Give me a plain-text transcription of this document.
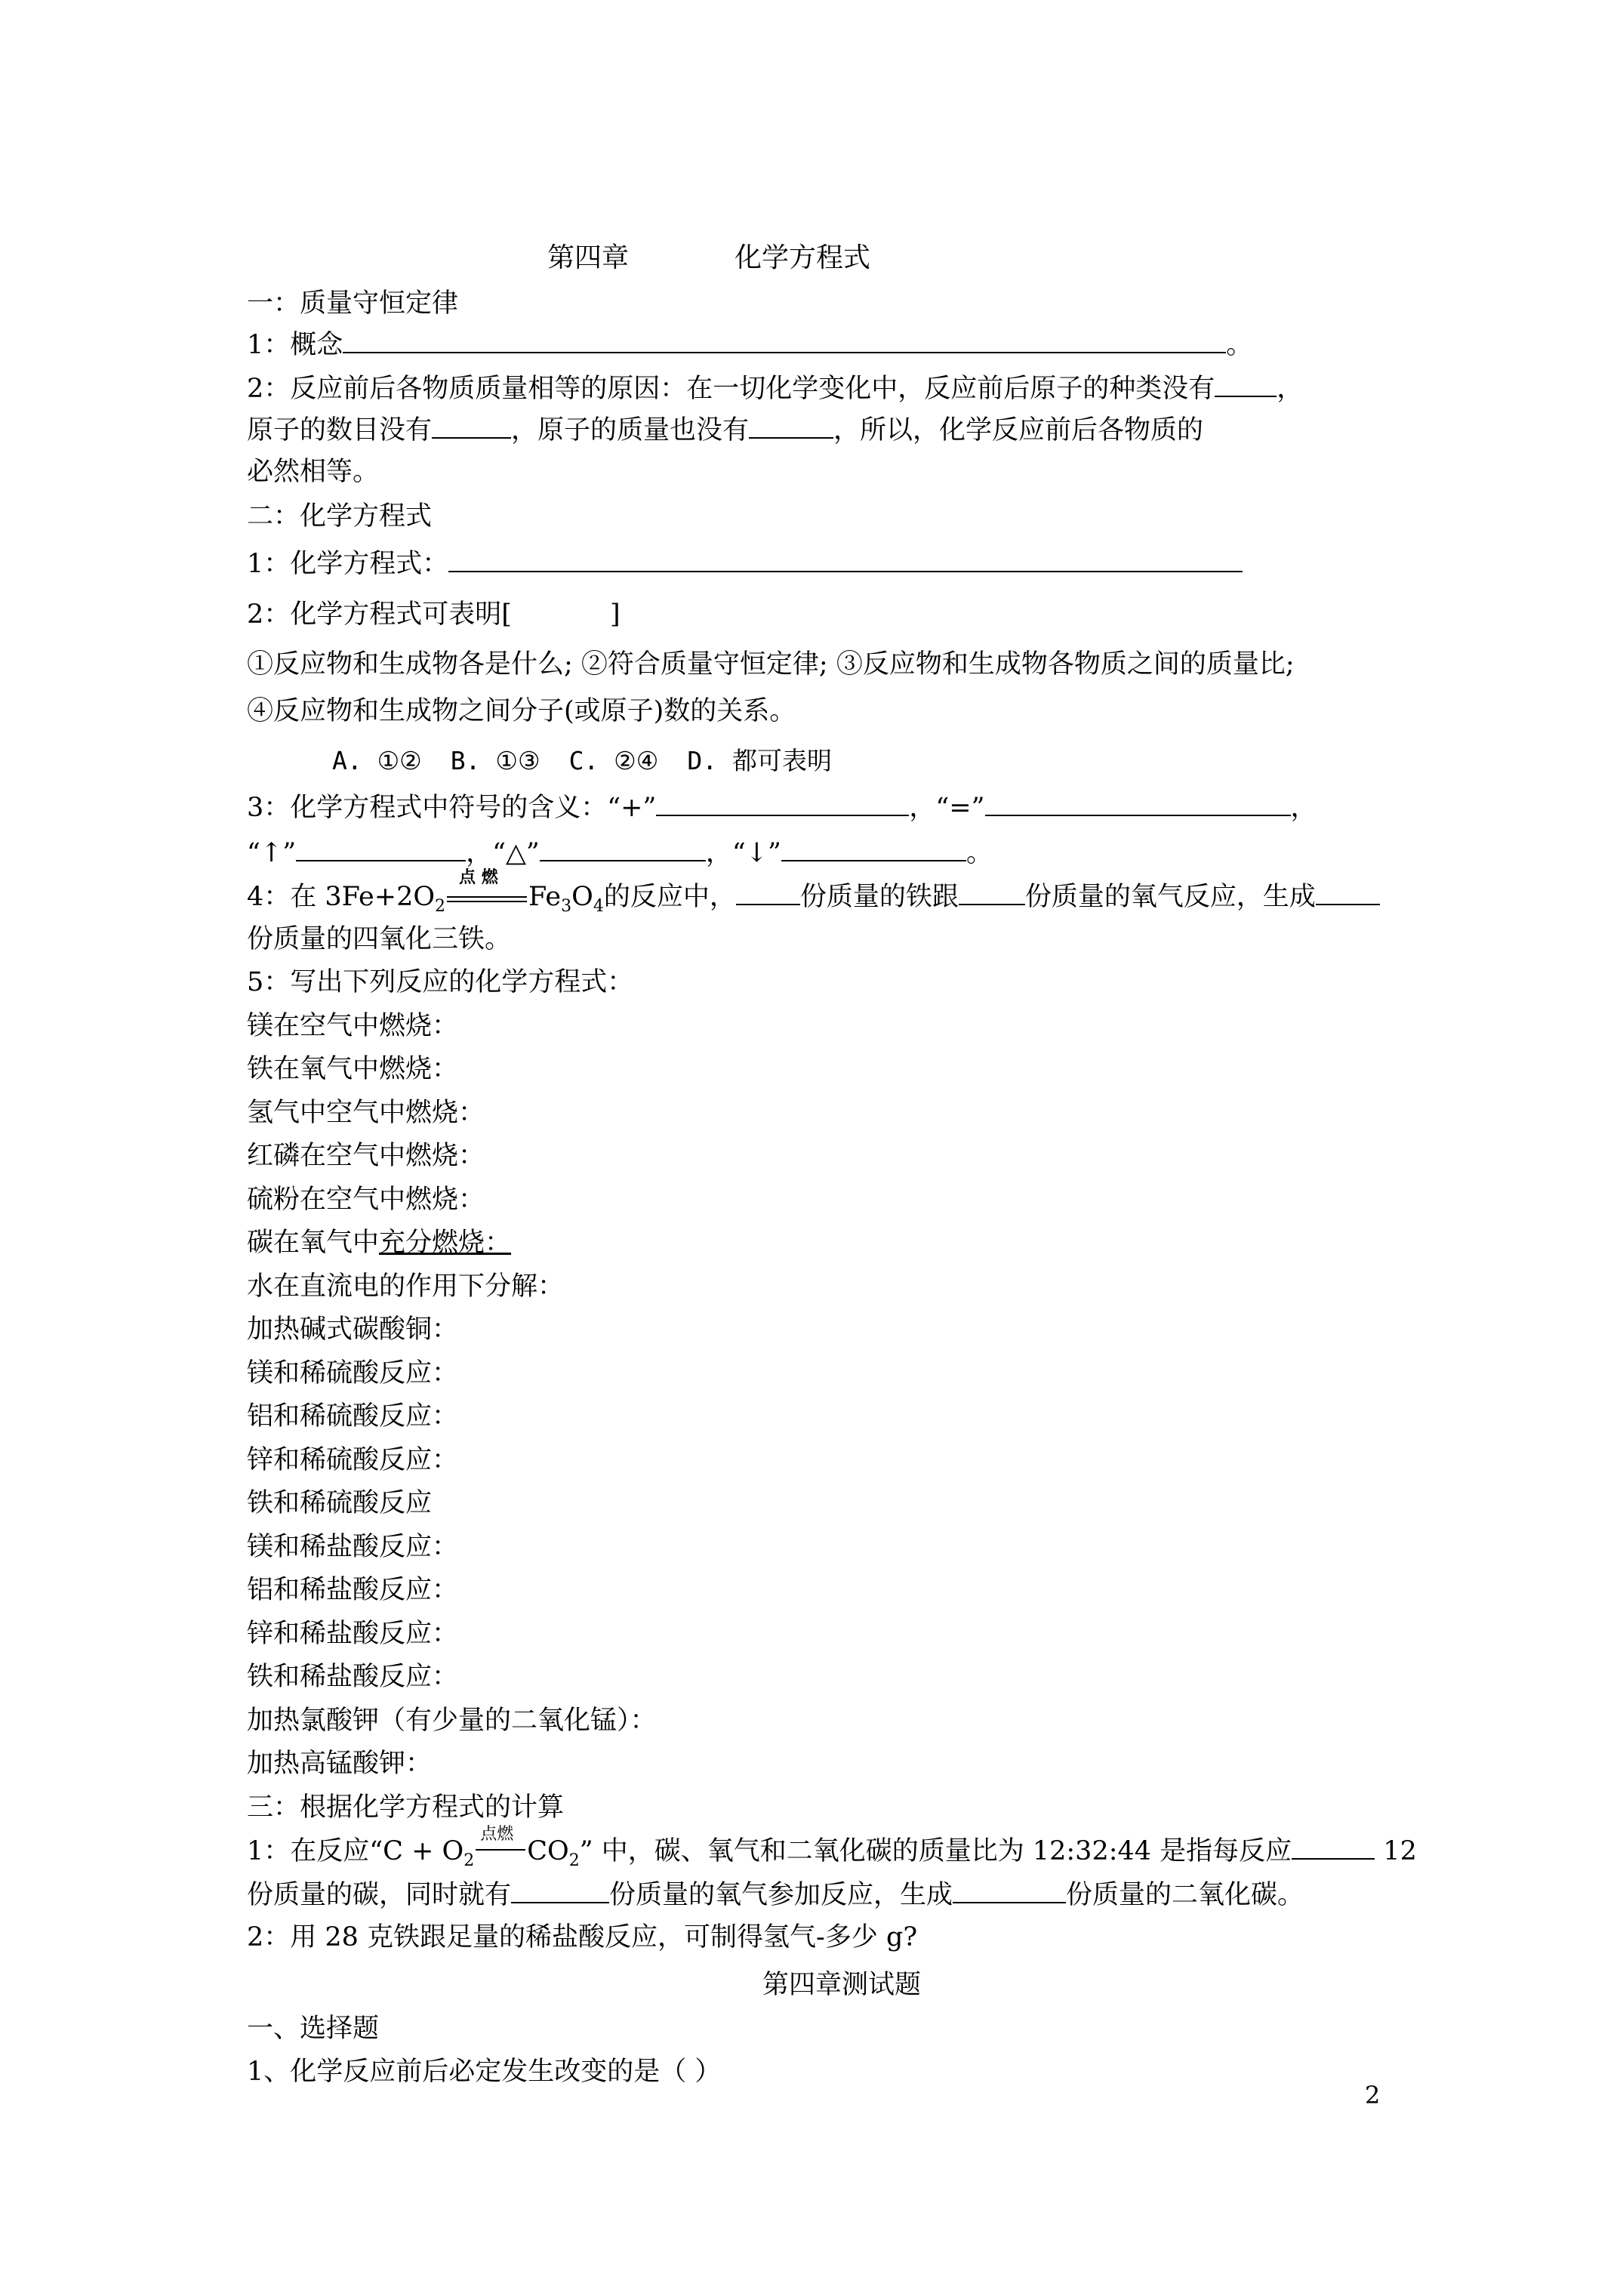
第四章	化学方程式
一：质量守恒定律
1：概念	。
2：反应前后各物质质量相等的原因：在一切化学变化中，反应前后原子的种类没有 ，
原子的数目没有	，原子的质量也没有	，所以，化学反应前后各物质的
必然相等。
二：化学方程式
1：化学方程式：
2：化学方程式可表明[	]
①反应物和生成物各是什么; ②符合质量守恒定律; ③反应物和生成物各物质之间的质量比;
④反应物和生成物之间分子(或原子)数的关系。
A. ①② B. ①③ C. ②④ D. 都可表明
3：化学方程式中符号的含义：“+”	，“=”	，
“↑”	，“△”	，“↓”	。
4：在 $3Fe+2O_2$
点 燃
$Fe_3O_4$的反应中， 份质量的铁跟	份质量的氧气反应，生成
份质量的四氧化三铁。
5：写出下列反应的化学方程式：
镁在空气中燃烧：
铁在氧气中燃烧：
氢气中空气中燃烧：
红磷在空气中燃烧：
硫粉在空气中燃烧：
碳在氧气中充分燃烧：
水在直流电的作用下分解：
加热碱式碳酸铜：
镁和稀硫酸反应：
铝和稀硫酸反应：
锌和稀硫酸反应：
铁和稀硫酸反应
镁和稀盐酸反应：
铝和稀盐酸反应：
锌和稀盐酸反应：
铁和稀盐酸反应：
加热氯酸钾（有少量的二氧化锰）：
加热高锰酸钾：
三：根据化学方程式的计算
1：在反应“$C + O_2$
点燃
$CO_2$” 中，碳、氧气和二氧化碳的质量比为 12:32:44 是指每反应	12
份质量的碳，同时就有	份质量的氧气参加反应，生成	份质量的二氧化碳。
2：用 28 克铁跟足量的稀盐酸反应，可制得氢气-多少 g?
第四章测试题
一、选择题
1、化学反应前后必定发生改变的是（ ）
2
